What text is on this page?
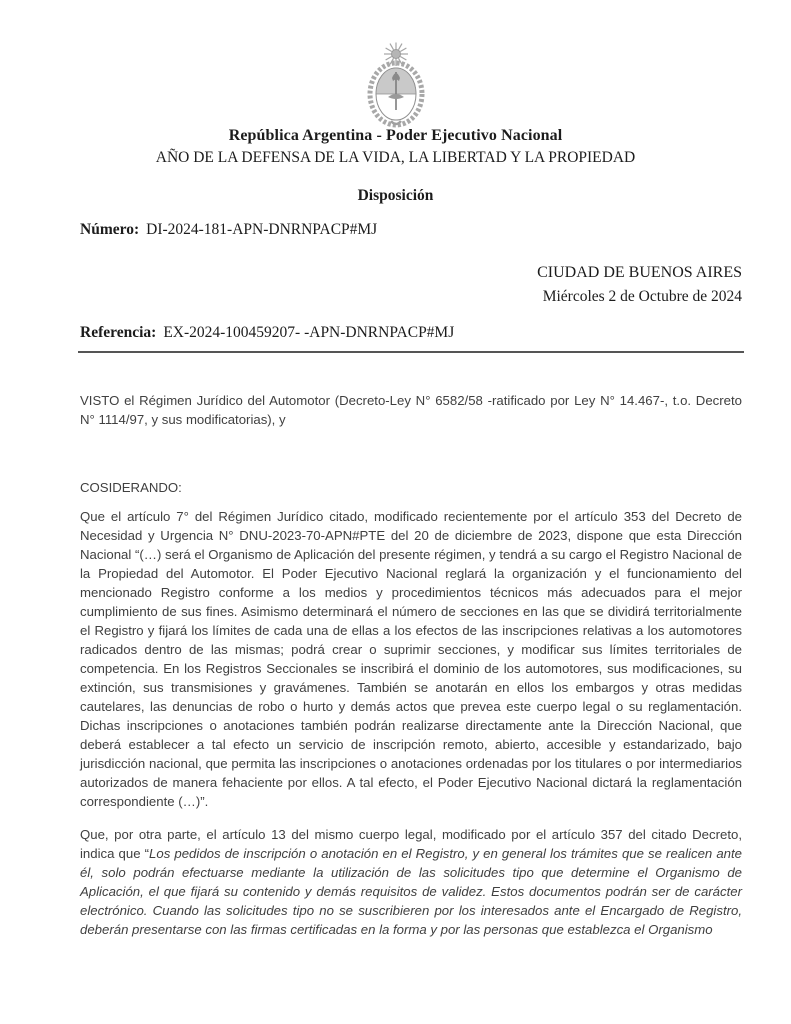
República Argentina - Poder Ejecutivo Nacional
AÑO DE LA DEFENSA DE LA VIDA, LA LIBERTAD Y LA PROPIEDAD
Disposición
Número: DI-2024-181-APN-DNRNPACP#MJ
CIUDAD DE BUENOS AIRES
Miércoles 2 de Octubre de 2024
Referencia: EX-2024-100459207- -APN-DNRNPACP#MJ

VISTO el Régimen Jurídico del Automotor (Decreto-Ley N° 6582/58 -ratificado por Ley N° 14.467-, t.o. Decreto N° 1114/97, y sus modificatorias), y

COSIDERANDO:

Que el artículo 7° del Régimen Jurídico citado, modificado recientemente por el artículo 353 del Decreto de Necesidad y Urgencia N° DNU-2023-70-APN#PTE del 20 de diciembre de 2023, dispone que esta Dirección Nacional “(…) será el Organismo de Aplicación del presente régimen, y tendrá a su cargo el Registro Nacional de la Propiedad del Automotor. El Poder Ejecutivo Nacional reglará la organización y el funcionamiento del mencionado Registro conforme a los medios y procedimientos técnicos más adecuados para el mejor cumplimiento de sus fines. Asimismo determinará el número de secciones en las que se dividirá territorialmente el Registro y fijará los límites de cada una de ellas a los efectos de las inscripciones relativas a los automotores radicados dentro de las mismas; podrá crear o suprimir secciones, y modificar sus límites territoriales de competencia. En los Registros Seccionales se inscribirá el dominio de los automotores, sus modificaciones, su extinción, sus transmisiones y gravámenes. También se anotarán en ellos los embargos y otras medidas cautelares, las denuncias de robo o hurto y demás actos que prevea este cuerpo legal o su reglamentación. Dichas inscripciones o anotaciones también podrán realizarse directamente ante la Dirección Nacional, que deberá establecer a tal efecto un servicio de inscripción remoto, abierto, accesible y estandarizado, bajo jurisdicción nacional, que permita las inscripciones o anotaciones ordenadas por los titulares o por intermediarios autorizados de manera fehaciente por ellos. A tal efecto, el Poder Ejecutivo Nacional dictará la reglamentación correspondiente (…)”.

Que, por otra parte, el artículo 13 del mismo cuerpo legal, modificado por el artículo 357 del citado Decreto, indica que “Los pedidos de inscripción o anotación en el Registro, y en general los trámites que se realicen ante él, solo podrán efectuarse mediante la utilización de las solicitudes tipo que determine el Organismo de Aplicación, el que fijará su contenido y demás requisitos de validez. Estos documentos podrán ser de carácter electrónico. Cuando las solicitudes tipo no se suscribieren por los interesados ante el Encargado de Registro, deberán presentarse con las firmas certificadas en la forma y por las personas que establezca el Organismo
